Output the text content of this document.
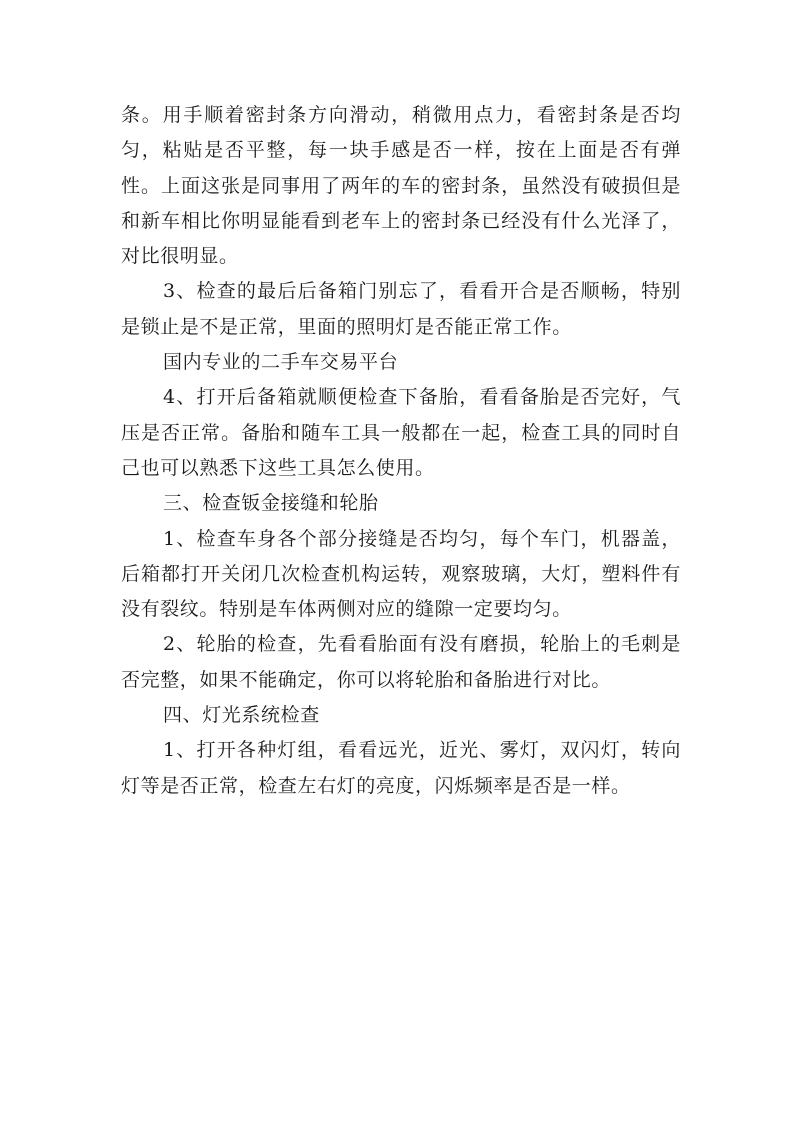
条。用手顺着密封条方向滑动，稍微用点力，看密封条是否均匀，粘贴是否平整，每一块手感是否一样，按在上面是否有弹性。上面这张是同事用了两年的车的密封条，虽然没有破损但是和新车相比你明显能看到老车上的密封条已经没有什么光泽了，对比很明显。

3、检查的最后后备箱门别忘了，看看开合是否顺畅，特别是锁止是不是正常，里面的照明灯是否能正常工作。

国内专业的二手车交易平台

4、打开后备箱就顺便检查下备胎，看看备胎是否完好，气压是否正常。备胎和随车工具一般都在一起，检查工具的同时自己也可以熟悉下这些工具怎么使用。

三、检查钣金接缝和轮胎

1、检查车身各个部分接缝是否均匀，每个车门，机器盖，后箱都打开关闭几次检查机构运转，观察玻璃，大灯，塑料件有没有裂纹。特别是车体两侧对应的缝隙一定要均匀。

2、轮胎的检查，先看看胎面有没有磨损，轮胎上的毛刺是否完整，如果不能确定，你可以将轮胎和备胎进行对比。

四、灯光系统检查

1、打开各种灯组，看看远光，近光、雾灯，双闪灯，转向灯等是否正常，检查左右灯的亮度，闪烁频率是否是一样。
